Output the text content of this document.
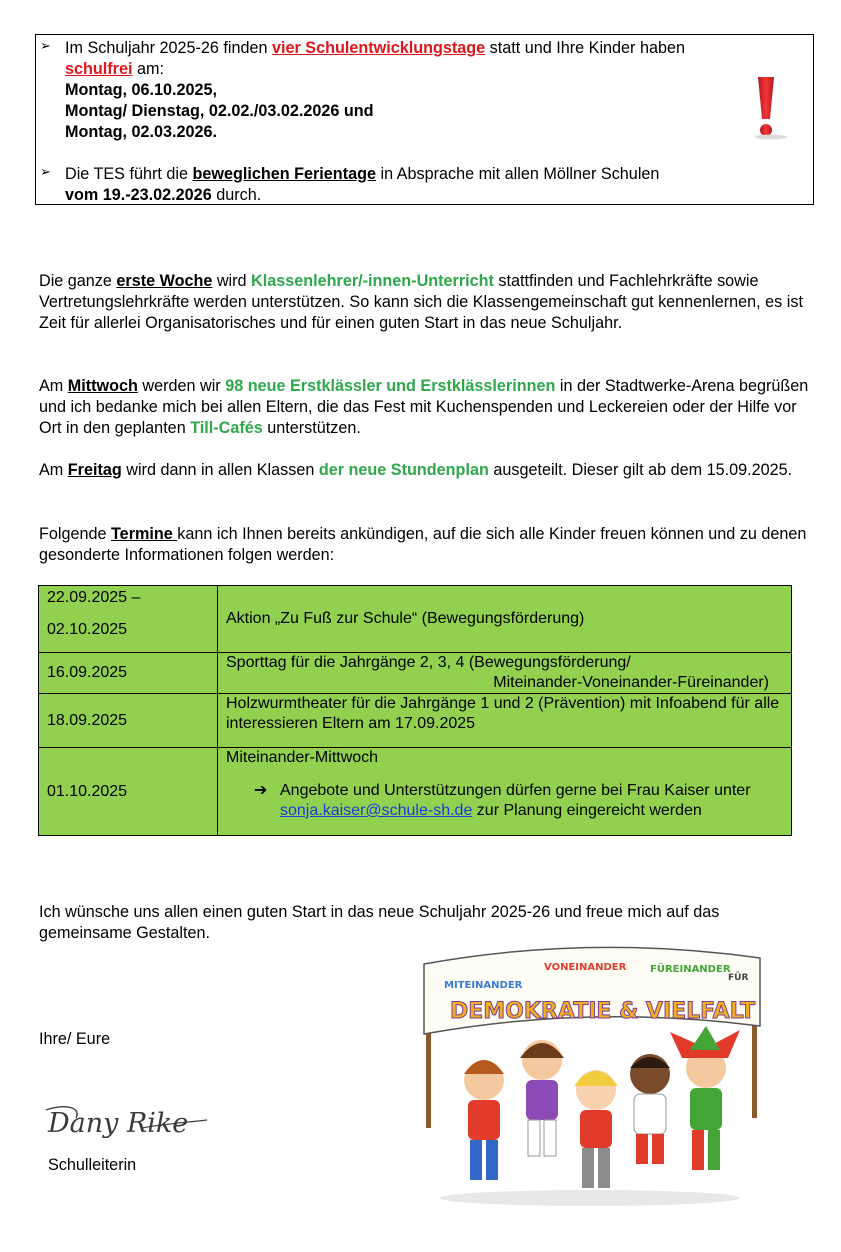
➢ Im Schuljahr 2025-26 finden vier Schulentwicklungstage statt und Ihre Kinder haben
schulfrei am:
Montag, 06.10.2025,
Montag/ Dienstag, 02.02./03.02.2026 und
Montag, 02.03.2026.
➢ Die TES führt die beweglichen Ferientage in Absprache mit allen Möllner Schulen
vom 19.-23.02.2026 durch.
Die ganze erste Woche wird Klassenlehrer/-innen-Unterricht stattfinden und Fachlehrkräfte sowie Vertretungslehrkräfte werden unterstützen. So kann sich die Klassengemeinschaft gut kennenlernen, es ist Zeit für allerlei Organisatorisches und für einen guten Start in das neue Schuljahr.
Am Mittwoch werden wir 98 neue Erstklässler und Erstklässlerinnen in der Stadtwerke-Arena begrüßen und ich bedanke mich bei allen Eltern, die das Fest mit Kuchenspenden und Leckereien oder der Hilfe vor Ort in den geplanten Till-Cafés unterstützen.
Am Freitag wird dann in allen Klassen der neue Stundenplan ausgeteilt. Dieser gilt ab dem 15.09.2025.
Folgende Termine kann ich Ihnen bereits ankündigen, auf die sich alle Kinder freuen können und zu denen gesonderte Informationen folgen werden:
22.09.2025 –
02.10.2025	Aktion „Zu Fuß zur Schule“ (Bewegungsförderung)
16.09.2025	Sporttag für die Jahrgänge 2, 3, 4 (Bewegungsförderung/
Miteinander-Voneinander-Füreinander)

18.09.2025	Holzwurmtheater für die Jahrgänge 1 und 2 (Prävention) mit Infoabend für alle interessieren Eltern am 17.09.2025
01.10.2025	Miteinander-Mittwoch
➔ Angebote und Unterstützungen dürfen gerne bei Frau Kaiser unter sonja.kaiser@schule-sh.de zur Planung eingereicht werden
Ich wünsche uns allen einen guten Start in das neue Schuljahr 2025-26 und freue mich auf das gemeinsame Gestalten.
Ihre/ Eure
Dany Rike
Schulleiterin
MITEINANDER
VONEINANDER FÜREINANDER
FÜR
DEMOKRATIE & VIELFALT
